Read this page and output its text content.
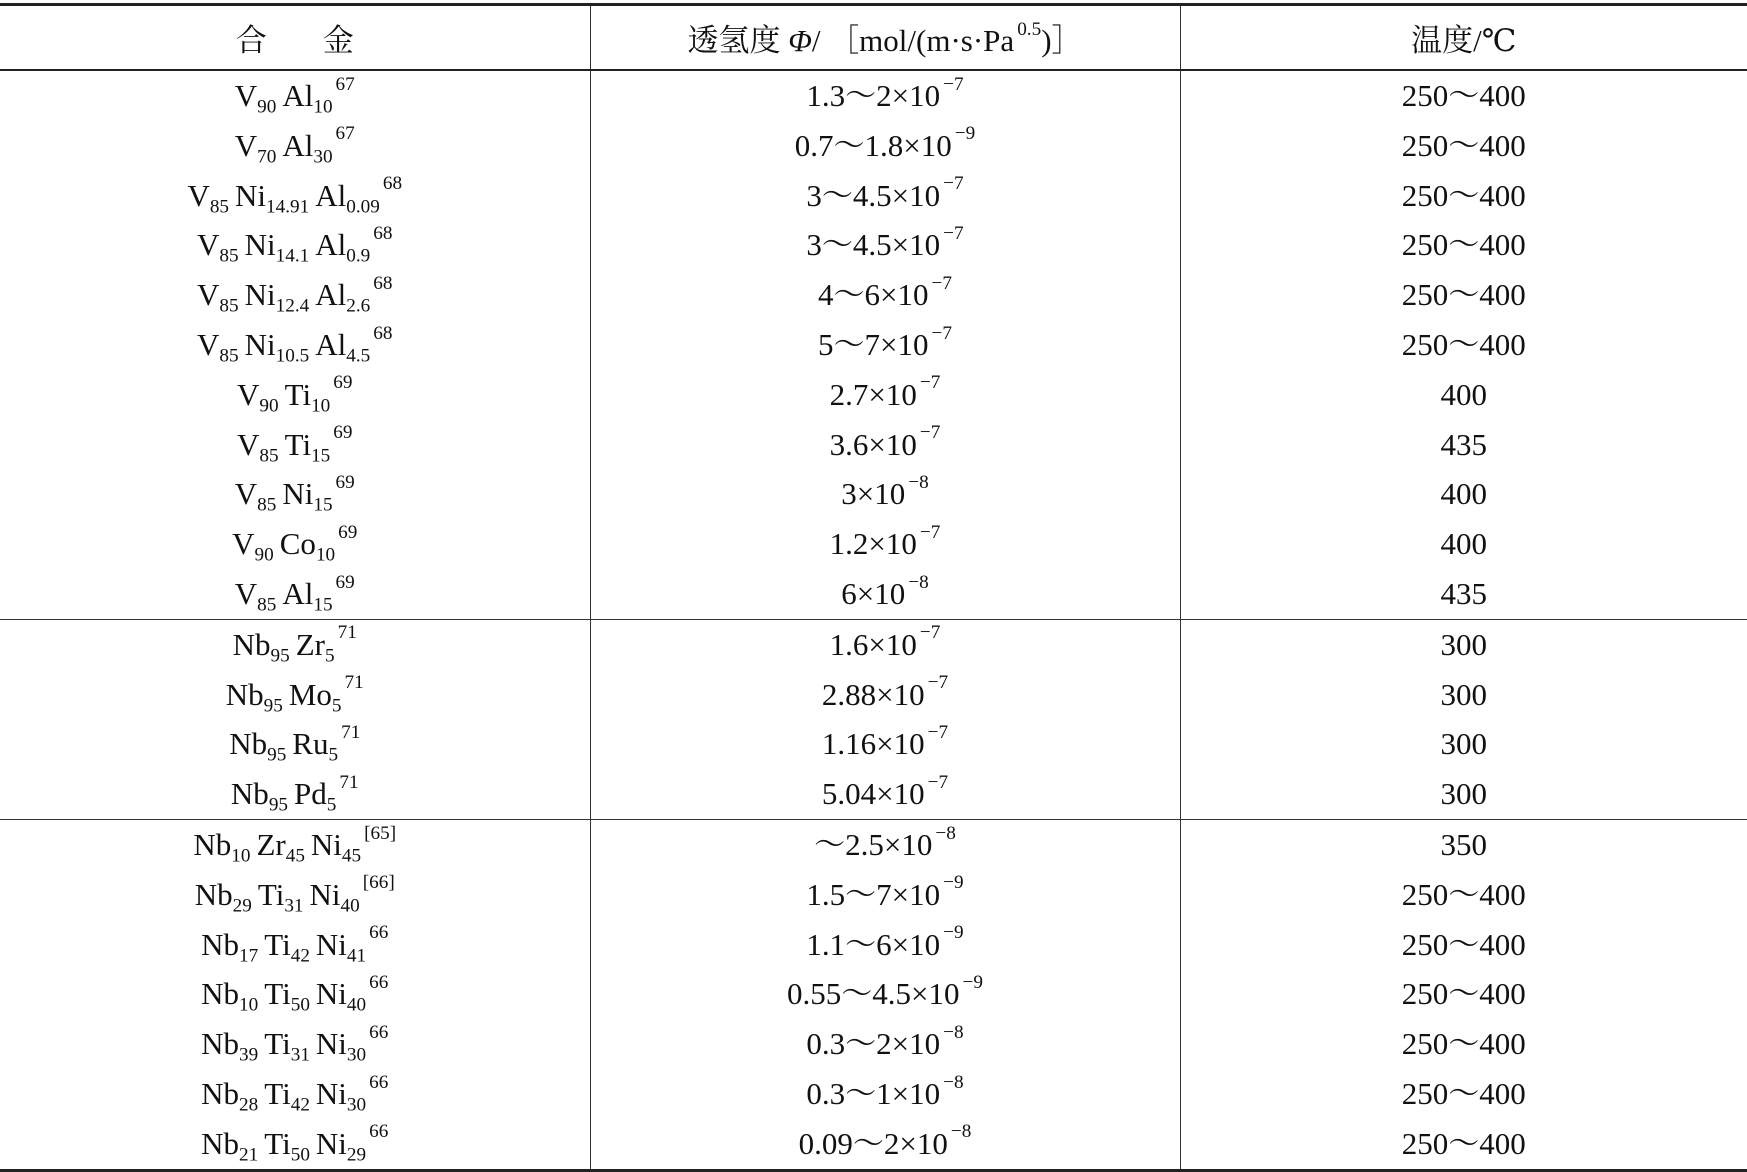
合 金	透氢度 Φ/ ［mol/(m·s·Pa $^{0.5}$)］	温度/℃
$V_{90}$ $Al_{10}^{67}$	1.3～2×10 $^{-7}$	250～400
$V_{70}$ $Al_{30}^{67}$	0.7～1.8×10 $^{-9}$	250～400
$V_{85}$ $Ni_{14.91}$ $Al_{0.09}^{68}$	3～4.5×10 $^{-7}$	250～400
$V_{85}$ $Ni_{14.1}$ $Al_{0.9}^{68}$	3～4.5×10 $^{-7}$	250～400
$V_{85}$ $Ni_{12.4}$ $Al_{2.6}^{68}$	4～6×10 $^{-7}$	250～400
$V_{85}$ $Ni_{10.5}$ $Al_{4.5}^{68}$	5～7×10 $^{-7}$	250～400
$V_{90}$ $Ti_{10}^{69}$	2.7×10 $^{-7}$	400
$V_{85}$ $Ti_{15}^{69}$	3.6×10 $^{-7}$	435
$V_{85}$ $Ni_{15}^{69}$	3×10 $^{-8}$	400
$V_{90}$ $Co_{10}^{69}$	1.2×10 $^{-7}$	400
$V_{85}$ $Al_{15}^{69}$	6×10 $^{-8}$	435
$Nb_{95}$ $Zr_5^{71}$	1.6×10 $^{-7}$	300
$Nb_{95}$ $Mo_5^{71}$	2.88×10 $^{-7}$	300
$Nb_{95}$ $Ru_5^{71}$	1.16×10 $^{-7}$	300
$Nb_{95}$ $Pd_5^{71}$	5.04×10 $^{-7}$	300
$Nb_{10}$ $Zr_{45}$ $Ni_{45}[65]$	～2.5×10 $^{-8}$	350
$Nb_{29}$ $Ti_{31}$ $Ni_{40}[66]$	1.5～7×10 $^{-9}$	250～400
$Nb_{17}$ $Ti_{42}$ $Ni_{41}^{66}$	1.1～6×10 $^{-9}$	250～400
$Nb_{10}$ $Ti_{50}$ $Ni_{40}^{66}$	0.55～4.5×10 $^{-9}$	250～400
$Nb_{39}$ $Ti_{31}$ $Ni_{30}^{66}$	0.3～2×10 $^{-8}$	250～400
$Nb_{28}$ $Ti_{42}$ $Ni_{30}^{66}$	0.3～1×10 $^{-8}$	250～400
$Nb_{21}$ $Ti_{50}$ $Ni_{29}^{66}$	0.09～2×10 $^{-8}$	250～400
